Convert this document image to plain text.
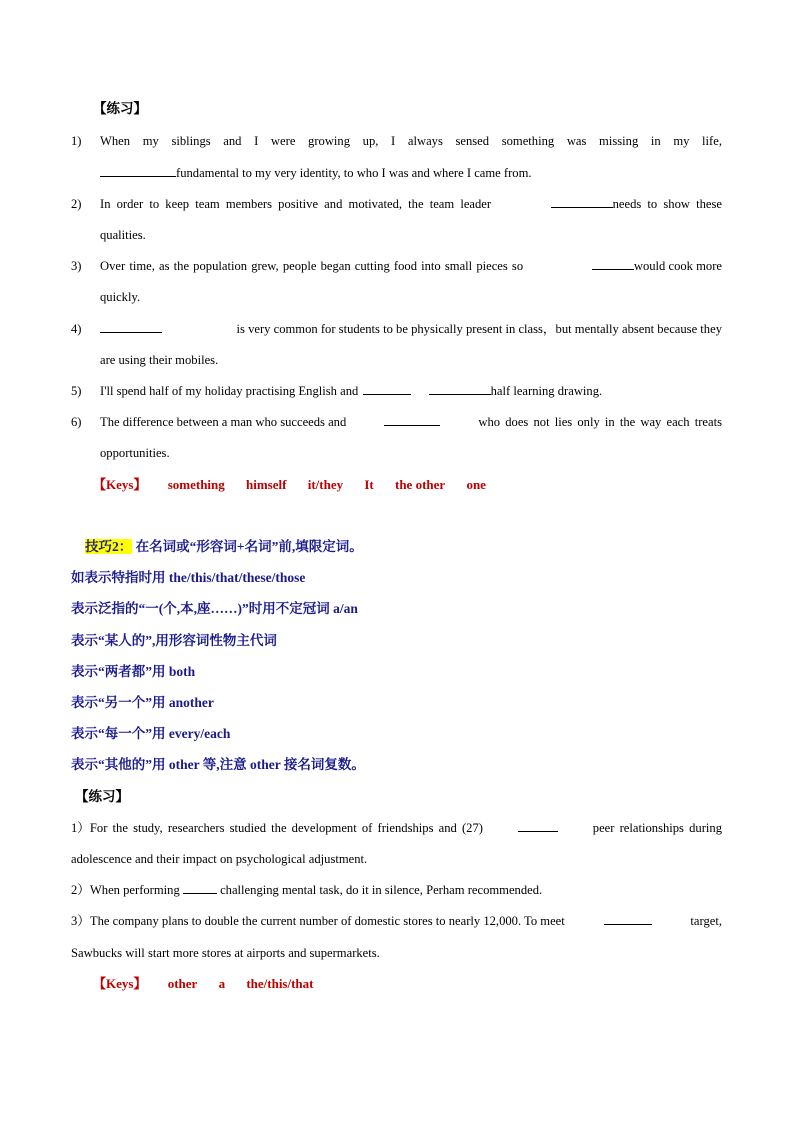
【练习】
1) When my siblings and I were growing up, I always sensed something was missing in my life,
fundamental to my very identity, to who I was and where I came from.
2) In order to keep team members positive and motivated, the team leader	needs to show these
qualities.
3) Over time, as the population grew, people began cutting food into small pieces so	would cook more
quickly.
4)	is very common for students to be physically present in class，but mentally absent because they
are using their mobiles.
5) I'll spend half of my holiday practising English and	half learning drawing.
6) The difference between a man who succeeds and	who does not lies only in the way each treats
opportunities.
【Keys】 something himself it/they It the other one
技巧2： 在名词或“形容词+名词”前,填限定词。
如表示特指时用 the/this/that/these/those
表示泛指的“一(个,本,座……)”时用不定冠词 a/an
表示“某人的”,用形容词性物主代词
表示“两者都”用 both
表示“另一个”用 another
表示“每一个”用 every/each
表示“其他的”用 other 等,注意 other 接名词复数。
【练习】
1）For the study, researchers studied the development of friendships and (27)	peer relationships during
adolescence and their impact on psychological adjustment.
2）When performing	challenging mental task, do it in silence, Perham recommended.
3）The company plans to double the current number of domestic stores to nearly 12,000. To meet	target,
Sawbucks will start more stores at airports and supermarkets.
【Keys】 other a the/this/that
